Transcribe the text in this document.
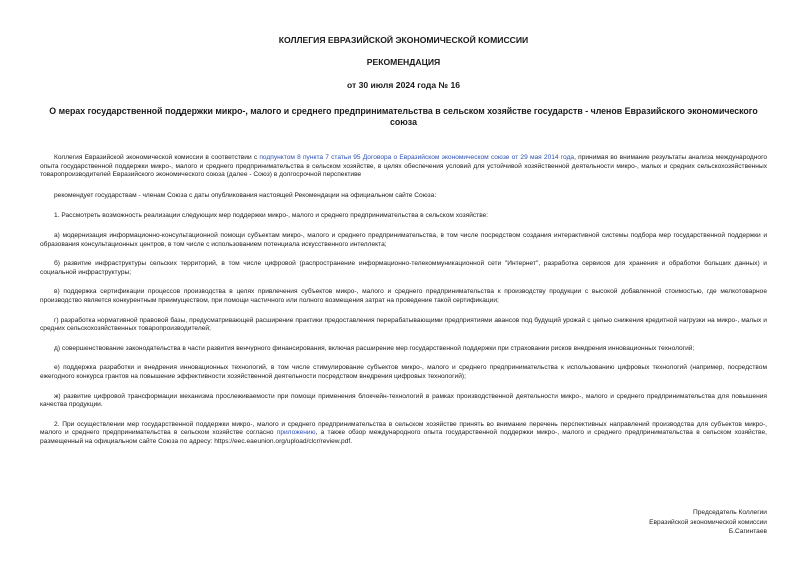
КОЛЛЕГИЯ ЕВРАЗИЙСКОЙ ЭКОНОМИЧЕСКОЙ КОМИССИИ
РЕКОМЕНДАЦИЯ
от 30 июля 2024 года № 16
О мерах государственной поддержки микро-, малого и среднего предпринимательства в сельском хозяйстве государств - членов Евразийского экономического союза

Коллегия Евразийской экономической комиссии в соответствии с подпунктом 8 пункта 7 статьи 95 Договора о Евразийском экономическом союзе от 29 мая 2014 года, принимая во внимание результаты анализа международного опыта государственной поддержки микро-, малого и среднего предпринимательства в сельском хозяйстве, в целях обеспечения условий для устойчивой хозяйственной деятельности микро-, малых и средних сельскохозяйственных товаропроизводителей Евразийского экономического союза (далее - Союз) в долгосрочной перспективе

рекомендует государствам - членам Союза с даты опубликования настоящей Рекомендации на официальном сайте Союза:

1. Рассмотреть возможность реализации следующих мер поддержки микро-, малого и среднего предпринимательства в сельском хозяйстве:

а) модернизация информационно-консультационной помощи субъектам микро-, малого и среднего предпринимательства, в том числе посредством создания интерактивной системы подбора мер государственной поддержки и образования консультационных центров, в том числе с использованием потенциала искусственного интеллекта;

б) развитие инфраструктуры сельских территорий, в том числе цифровой (распространение информационно-телекоммуникационной сети "Интернет", разработка сервисов для хранения и обработки больших данных) и социальной инфраструктуры;

в) поддержка сертификации процессов производства в целях привлечения субъектов микро-, малого и среднего предпринимательства к производству продукции с высокой добавленной стоимостью, где мелкотоварное производство является конкурентным преимуществом, при помощи частичного или полного возмещения затрат на проведение такой сертификации;

г) разработка нормативной правовой базы, предусматривающей расширение практики предоставления перерабатывающими предприятиями авансов под будущий урожай с целью снижения кредитной нагрузки на микро-, малых и средних сельскохозяйственных товаропроизводителей;

д) совершенствование законодательства в части развития венчурного финансирования, включая расширение мер государственной поддержки при страховании рисков внедрения инновационных технологий;

е) поддержка разработки и внедрения инновационных технологий, в том числе стимулирование субъектов микро-, малого и среднего предпринимательства к использованию цифровых технологий (например, посредством ежегодного конкурса грантов на повышение эффективности хозяйственной деятельности посредством внедрения цифровых технологий);

ж) развитие цифровой трансформации механизма прослеживаемости при помощи применения блокчейн-технологий в рамках производственной деятельности микро-, малого и среднего предпринимательства для повышения качества продукции.

2. При осуществлении мер государственной поддержки микро-, малого и среднего предпринимательства в сельском хозяйстве принять во внимание перечень перспективных направлений производства для субъектов микро-, малого и среднего предпринимательства в сельском хозяйстве согласно приложению, а также обзор международного опыта государственной поддержки микро-, малого и среднего предпринимательства в сельском хозяйстве, размещенный на официальном сайте Союза по адресу: https://eec.eaeunion.org/upload/clcr/review.pdf.

Председатель Коллегии
Евразийской экономической комиссии
Б.Сагинтаев
